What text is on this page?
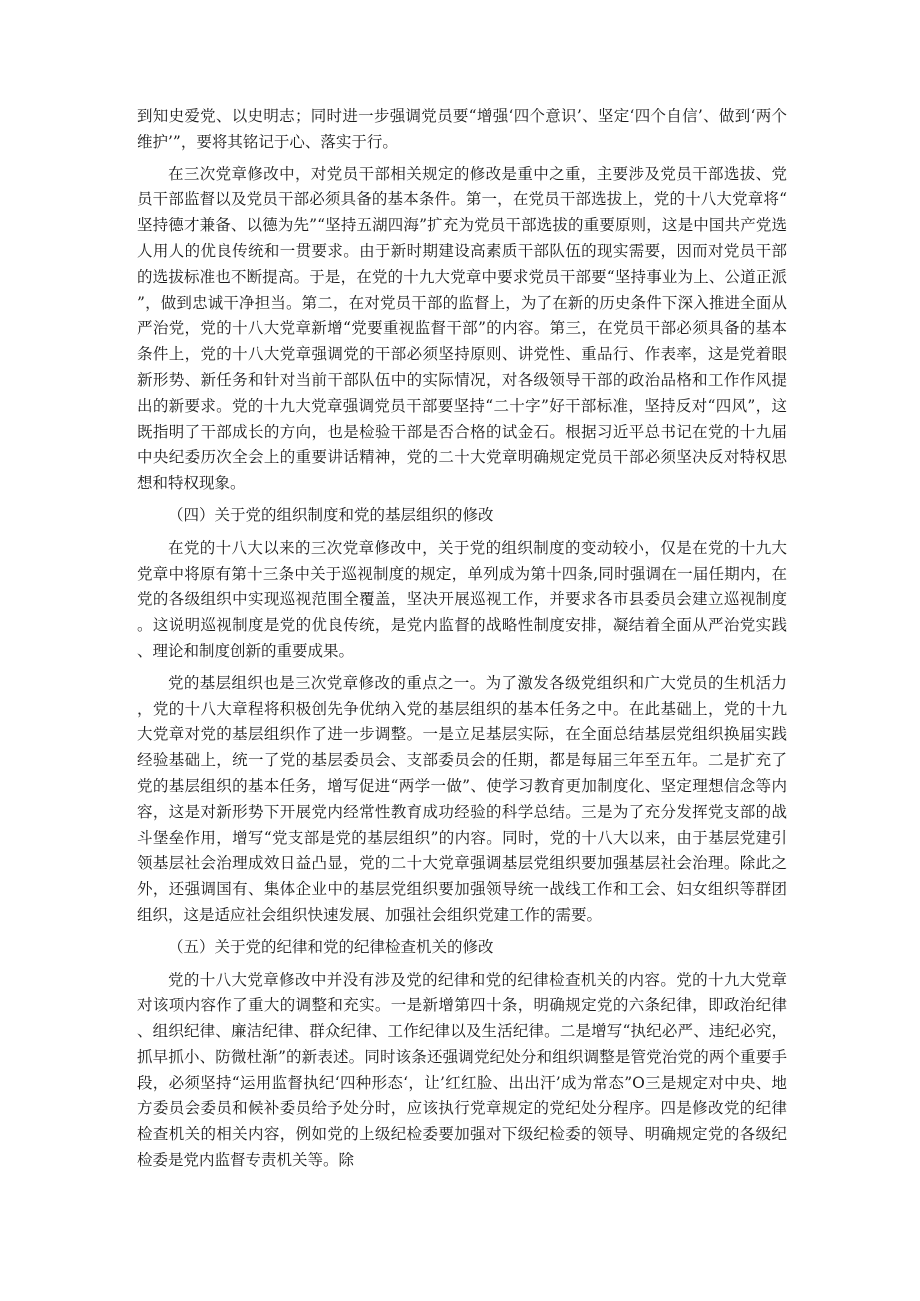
到知史爱党、以史明志；同时进一步强调党员要“增强‘四个意识’、坚定‘四个自信’、做到‘两个维护’”，要将其铭记于心、落实于行。

在三次党章修改中，对党员干部相关规定的修改是重中之重，主要涉及党员干部选拔、党员干部监督以及党员干部必须具备的基本条件。第一，在党员干部选拔上，党的十八大党章将“坚持德才兼备、以德为先”“坚持五湖四海”扩充为党员干部选拔的重要原则，这是中国共产党选人用人的优良传统和一贯要求。由于新时期建设高素质干部队伍的现实需要，因而对党员干部的选拔标准也不断提高。于是，在党的十九大党章中要求党员干部要“坚持事业为上、公道正派”，做到忠诚干净担当。第二，在对党员干部的监督上，为了在新的历史条件下深入推进全面从严治党，党的十八大党章新增“党要重视监督干部”的内容。第三，在党员干部必须具备的基本条件上，党的十八大党章强调党的干部必须坚持原则、讲党性、重品行、作表率，这是党着眼新形势、新任务和针对当前干部队伍中的实际情况，对各级领导干部的政治品格和工作作风提出的新要求。党的十九大党章强调党员干部要坚持“二十字”好干部标准，坚持反对“四风”，这既指明了干部成长的方向，也是检验干部是否合格的试金石。根据习近平总书记在党的十九届中央纪委历次全会上的重要讲话精神，党的二十大党章明确规定党员干部必须坚决反对特权思想和特权现象。

（四）关于党的组织制度和党的基层组织的修改

在党的十八大以来的三次党章修改中，关于党的组织制度的变动较小，仅是在党的十九大党章中将原有第十三条中关于巡视制度的规定，单列成为第十四条,同时强调在一届任期内，在党的各级组织中实现巡视范围全覆盖，坚决开展巡视工作，并要求各市县委员会建立巡视制度。这说明巡视制度是党的优良传统，是党内监督的战略性制度安排，凝结着全面从严治党实践、理论和制度创新的重要成果。

党的基层组织也是三次党章修改的重点之一。为了激发各级党组织和广大党员的生机活力，党的十八大章程将积极创先争优纳入党的基层组织的基本任务之中。在此基础上，党的十九大党章对党的基层组织作了进一步调整。一是立足基层实际，在全面总结基层党组织换届实践经验基础上，统一了党的基层委员会、支部委员会的任期，都是每届三年至五年。二是扩充了党的基层组织的基本任务，增写促进“两学一做”、使学习教育更加制度化、坚定理想信念等内容，这是对新形势下开展党内经常性教育成功经验的科学总结。三是为了充分发挥党支部的战斗堡垒作用，增写“党支部是党的基层组织”的内容。同时，党的十八大以来，由于基层党建引领基层社会治理成效日益凸显，党的二十大党章强调基层党组织要加强基层社会治理。除此之外，还强调国有、集体企业中的基层党组织要加强领导统一战线工作和工会、妇女组织等群团组织，这是适应社会组织快速发展、加强社会组织党建工作的需要。

（五）关于党的纪律和党的纪律检查机关的修改

党的十八大党章修改中并没有涉及党的纪律和党的纪律检查机关的内容。党的十九大党章对该项内容作了重大的调整和充实。一是新增第四十条，明确规定党的六条纪律，即政治纪律、组织纪律、廉洁纪律、群众纪律、工作纪律以及生活纪律。二是增写“执纪必严、违纪必究，抓早抓小、防微杜渐”的新表述。同时该条还强调党纪处分和组织调整是管党治党的两个重要手段，必须坚持“运用监督执纪‘四种形态‘，让’红红脸、出出汗’成为常态”O三是规定对中央、地方委员会委员和候补委员给予处分时，应该执行党章规定的党纪处分程序。四是修改党的纪律检查机关的相关内容，例如党的上级纪检委要加强对下级纪检委的领导、明确规定党的各级纪检委是党内监督专责机关等。除
